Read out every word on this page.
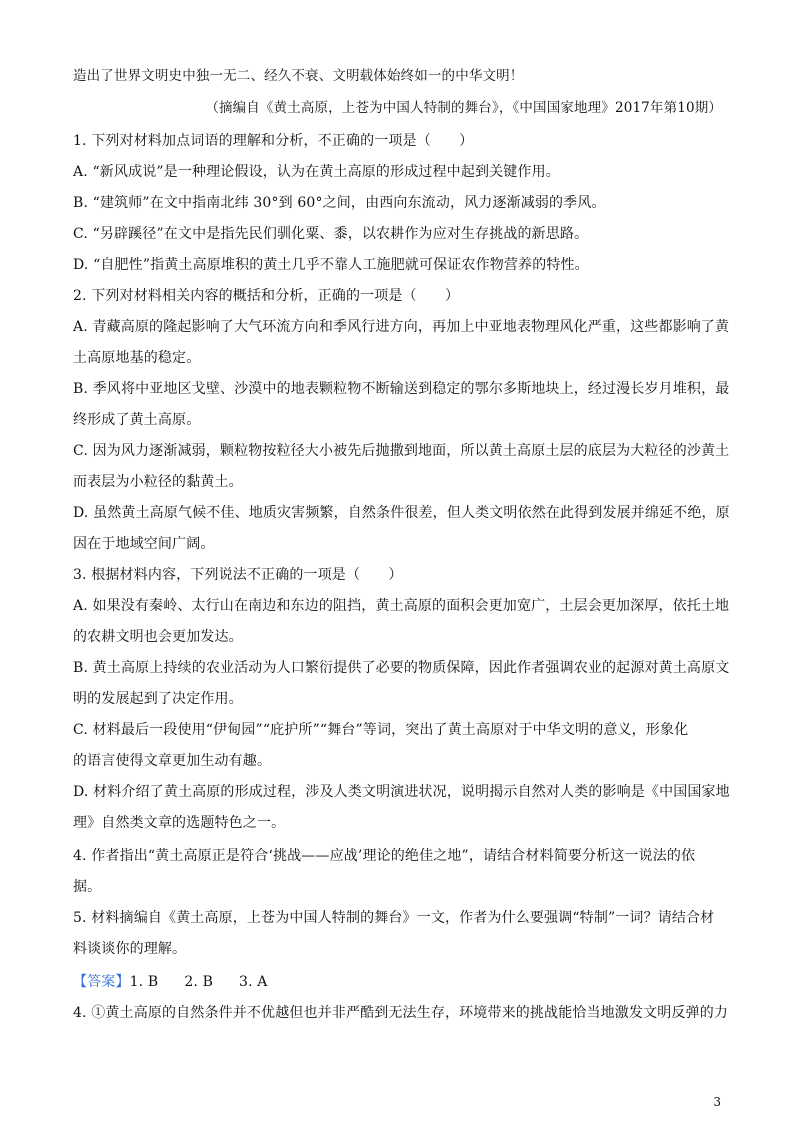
造出了世界文明史中独一无二、经久不衰、文明载体始终如一的中华文明！
（摘编自《黄土高原，上苍为中国人特制的舞台》，《中国国家地理》2017年第10期）
1. 下列对材料加点词语的理解和分析，不正确的一项是（　　）
A. “新风成说”是一种理论假设，认为在黄土高原的形成过程中起到关键作用。
B. “建筑师”在文中指南北纬 30°到 60°之间，由西向东流动，风力逐渐减弱的季风。
C. “另辟蹊径”在文中是指先民们驯化粟、黍，以农耕作为应对生存挑战的新思路。
D. “自肥性”指黄土高原堆积的黄土几乎不靠人工施肥就可保证农作物营养的特性。
2. 下列对材料相关内容的概括和分析，正确的一项是（　　）
A. 青藏高原的隆起影响了大气环流方向和季风行进方向，再加上中亚地表物理风化严重，这些都影响了黄
土高原地基的稳定。
B. 季风将中亚地区戈壁、沙漠中的地表颗粒物不断输送到稳定的鄂尔多斯地块上，经过漫长岁月堆积，最
终形成了黄土高原。
C. 因为风力逐渐减弱，颗粒物按粒径大小被先后抛撒到地面，所以黄土高原土层的底层为大粒径的沙黄土
而表层为小粒径的黏黄土。
D. 虽然黄土高原气候不佳、地质灾害频繁，自然条件很差，但人类文明依然在此得到发展并绵延不绝，原
因在于地域空间广阔。
3. 根据材料内容，下列说法不正确的一项是（　　）
A. 如果没有秦岭、太行山在南边和东边的阻挡，黄土高原的面积会更加宽广，土层会更加深厚，依托土地
的农耕文明也会更加发达。
B. 黄土高原上持续的农业活动为人口繁衍提供了必要的物质保障，因此作者强调农业的起源对黄土高原文
明的发展起到了决定作用。
C. 材料最后一段使用“伊甸园”“庇护所”“舞台”等词，突出了黄土高原对于中华文明的意义，形象化
的语言使得文章更加生动有趣。
D. 材料介绍了黄土高原的形成过程，涉及人类文明演进状况，说明揭示自然对人类的影响是《中国国家地
理》自然类文章的选题特色之一。
4. 作者指出“黄土高原正是符合‘挑战——应战’理论的绝佳之地”，请结合材料简要分析这一说法的依
据。
5. 材料摘编自《黄土高原，上苍为中国人特制的舞台》一文，作者为什么要强调“特制”一词？请结合材
料谈谈你的理解。
【答案】1. B 2. B 3. A
4. ①黄土高原的自然条件并不优越但也并非严酷到无法生存，环境带来的挑战能恰当地激发文明反弹的力
3
